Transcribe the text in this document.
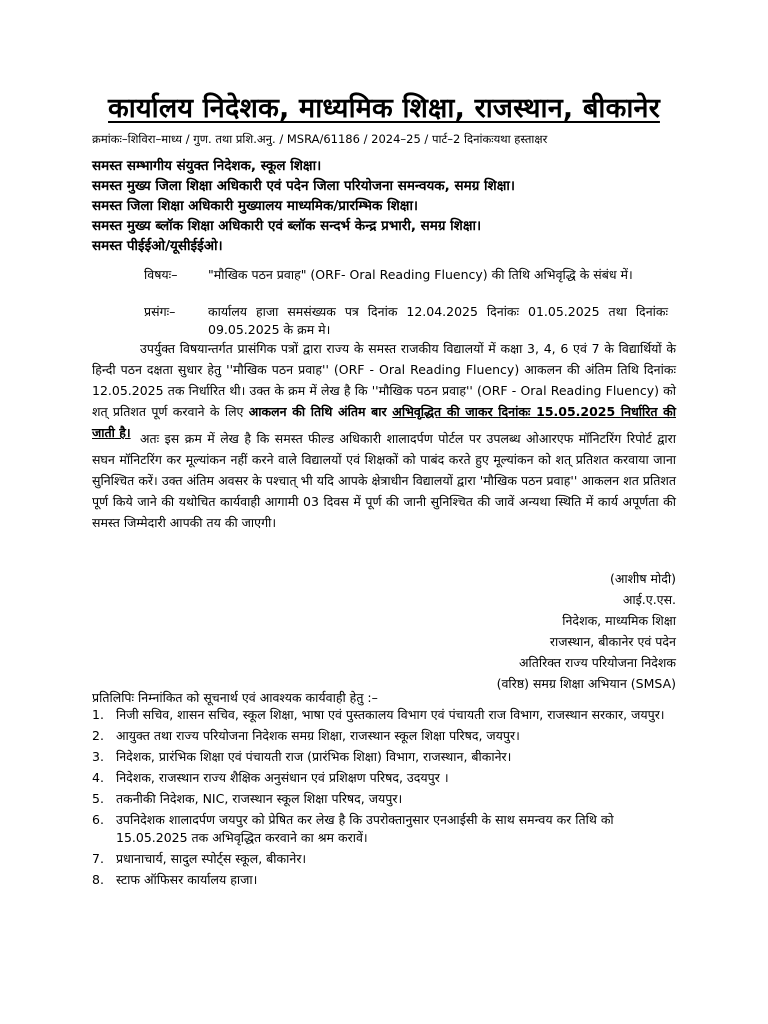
कार्यालय निदेशक, माध्यमिक शिक्षा, राजस्थान, बीकानेर
क्रमांकः–शिविरा–माध्य / गुण. तथा प्रशि.अनु. / MSRA/61186 / 2024–25 / पार्ट–2 दिनांकःयथा हस्ताक्षर
समस्त सम्भागीय संयुक्त निदेशक, स्कूल शिक्षा।
समस्त मुख्य जिला शिक्षा अधिकारी एवं पदेन जिला परियोजना समन्वयक, समग्र शिक्षा।
समस्त जिला शिक्षा अधिकारी मुख्यालय माध्यमिक/प्रारम्भिक शिक्षा।
समस्त मुख्य ब्लॉक शिक्षा अधिकारी एवं ब्लॉक सन्दर्भ केन्द्र प्रभारी, समग्र शिक्षा।
समस्त पीईईओ/यूसीईईओ।
विषयः– "मौखिक पठन प्रवाह" (ORF- Oral Reading Fluency) की तिथि अभिवृद्धि के संबंध में।
प्रसंगः–	कार्यालय हाजा समसंख्यक पत्र दिनांक 12.04.2025 दिनांकः 01.05.2025 तथा दिनांकः 09.05.2025 के क्रम मे।
उपर्युक्त विषयान्तर्गत प्रासंगिक पत्रों द्वारा राज्य के समस्त राजकीय विद्यालयों में कक्षा 3, 4, 6 एवं 7 के विद्यार्थियों के हिन्दी पठन दक्षता सुधार हेतु ''मौखिक पठन प्रवाह'' (ORF - Oral Reading Fluency) आकलन की अंतिम तिथि दिनांकः 12.05.2025 तक निर्धारित थी। उक्त के क्रम में लेख है कि ''मौखिक पठन प्रवाह'' (ORF - Oral Reading Fluency) को शत् प्रतिशत पूर्ण करवाने के लिए आकलन की तिथि अंतिम बार अभिवृद्धित की जाकर दिनांकः 15.05.2025 निर्धारित की जाती है। अतः इस क्रम में लेख है कि समस्त फील्ड अधिकारी शालादर्पण पोर्टल पर उपलब्ध ओआरएफ मॉनिटरिंग रिपोर्ट द्वारा सघन मॉनिटरिंग कर मूल्यांकन नहीं करने वाले विद्यालयों एवं शिक्षकों को पाबंद करते हुए मूल्यांकन को शत् प्रतिशत करवाया जाना सुनिश्चित करें। उक्त अंतिम अवसर के पश्चात् भी यदि आपके क्षेत्राधीन विद्यालयों द्वारा 'मौखिक पठन प्रवाह'' आकलन शत प्रतिशत पूर्ण किये जाने की यथोचित कार्यवाही आगामी 03 दिवस में पूर्ण की जानी सुनिश्चित की जावें अन्यथा स्थिति में कार्य अपूर्णता की समस्त जिम्मेदारी आपकी तय की जाएगी।
(आशीष मोदी)
आई.ए.एस.
निदेशक, माध्यमिक शिक्षा
राजस्थान, बीकानेर एवं पदेन
अतिरिक्त राज्य परियोजना निदेशक
(वरिष्ठ) समग्र शिक्षा अभियान (SMSA)
प्रतिलिपिः निम्नांकित को सूचनार्थ एवं आवश्यक कार्यवाही हेतु :–
1. निजी सचिव, शासन सचिव, स्कूल शिक्षा, भाषा एवं पुस्तकालय विभाग एवं पंचायती राज विभाग, राजस्थान सरकार, जयपुर।
2. आयुक्त तथा राज्य परियोजना निदेशक समग्र शिक्षा, राजस्थान स्कूल शिक्षा परिषद, जयपुर।
3. निदेशक, प्रारंभिक शिक्षा एवं पंचायती राज (प्रारंभिक शिक्षा) विभाग, राजस्थान, बीकानेर।
4. निदेशक, राजस्थान राज्य शैक्षिक अनुसंधान एवं प्रशिक्षण परिषद, उदयपुर ।
5. तकनीकी निदेशक, NIC, राजस्थान स्कूल शिक्षा परिषद, जयपुर।
6. उपनिदेशक शालादर्पण जयपुर को प्रेषित कर लेख है कि उपरोक्तानुसार एनआईसी के साथ समन्वय कर तिथि को 15.05.2025 तक अभिवृद्धित करवाने का श्रम करावें।
7. प्रधानाचार्य, सादुल स्पोर्ट्स स्कूल, बीकानेर।
8. स्टाफ ऑफिसर कार्यालय हाजा।
